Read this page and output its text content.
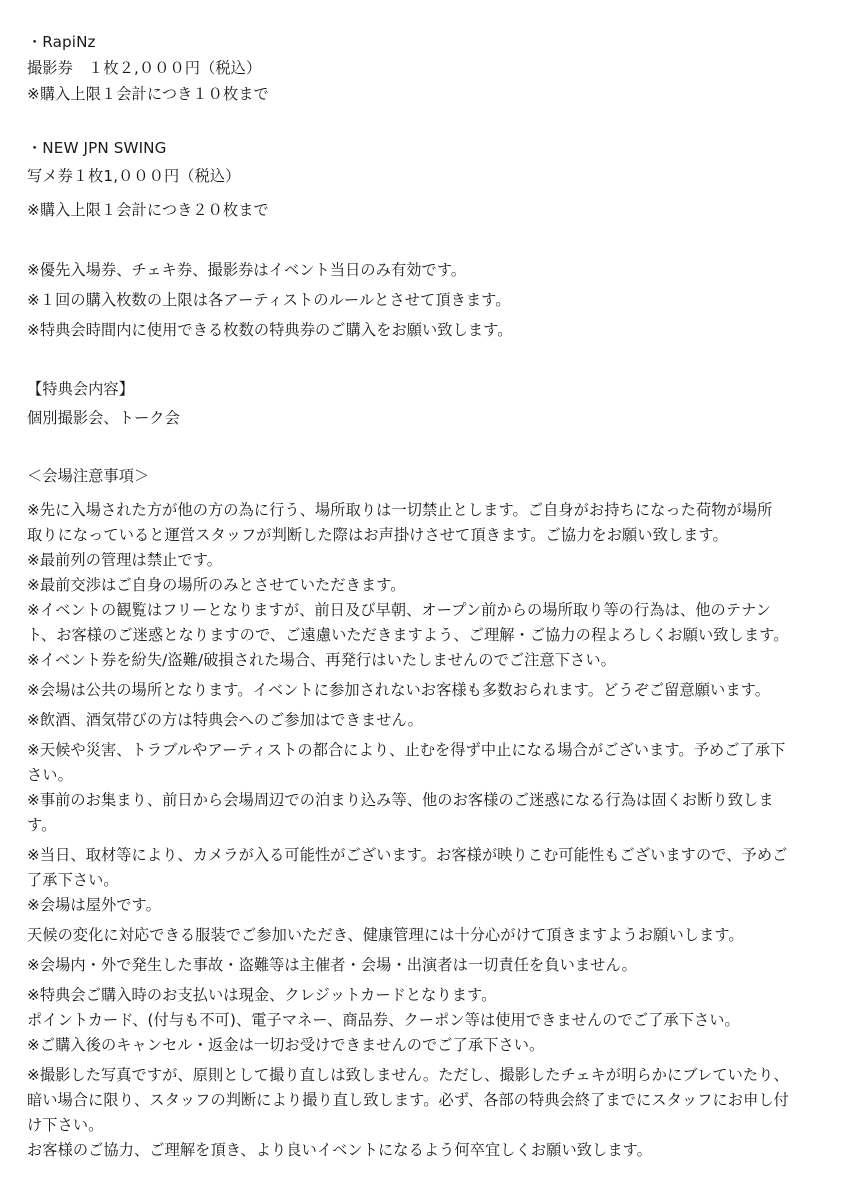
・RapiNz
撮影券　１枚２,０００円（税込）
※購入上限１会計につき１０枚まで
・NEW JPN SWING
写メ券１枚1,０００円（税込）
※購入上限１会計につき２０枚まで
※優先入場券、チェキ券、撮影券はイベント当日のみ有効です。
※１回の購入枚数の上限は各アーティストのルールとさせて頂きます。
※特典会時間内に使用できる枚数の特典券のご購入をお願い致します。
【特典会内容】
個別撮影会、トーク会
＜会場注意事項＞
※先に入場された方が他の方の為に行う、場所取りは一切禁止とします。ご自身がお持ちになった荷物が場所
取りになっていると運営スタッフが判断した際はお声掛けさせて頂きます。ご協力をお願い致します。
※最前列の管理は禁止です。
※最前交渉はご自身の場所のみとさせていただきます。
※イベントの観覧はフリーとなりますが、前日及び早朝、オープン前からの場所取り等の行為は、他のテナン
ト、お客様のご迷惑となりますので、ご遠慮いただきますよう、ご理解・ご協力の程よろしくお願い致します。
※イベント券を紛失/盗難/破損された場合、再発行はいたしませんのでご注意下さい。
※会場は公共の場所となります。イベントに参加されないお客様も多数おられます。どうぞご留意願います。
※飲酒、酒気帯びの方は特典会へのご参加はできません。
※天候や災害、トラブルやアーティストの都合により、止むを得ず中止になる場合がございます。予めご了承下
さい。
※事前のお集まり、前日から会場周辺での泊まり込み等、他のお客様のご迷惑になる行為は固くお断り致しま
す。
※当日、取材等により、カメラが入る可能性がございます。お客様が映りこむ可能性もございますので、予めご
了承下さい。
※会場は屋外です。
天候の変化に対応できる服装でご参加いただき、健康管理には十分心がけて頂きますようお願いします。
※会場内・外で発生した事故・盗難等は主催者・会場・出演者は一切責任を負いません。
※特典会ご購入時のお支払いは現金、クレジットカードとなります。
ポイントカード、(付与も不可)、電子マネー、商品券、クーポン等は使用できませんのでご了承下さい。
※ご購入後のキャンセル・返金は一切お受けできませんのでご了承下さい。
※撮影した写真ですが、原則として撮り直しは致しません。ただし、撮影したチェキが明らかにブレていたり、
暗い場合に限り、スタッフの判断により撮り直し致します。必ず、各部の特典会終了までにスタッフにお申し付
け下さい。
お客様のご協力、ご理解を頂き、より良いイベントになるよう何卒宜しくお願い致します。
